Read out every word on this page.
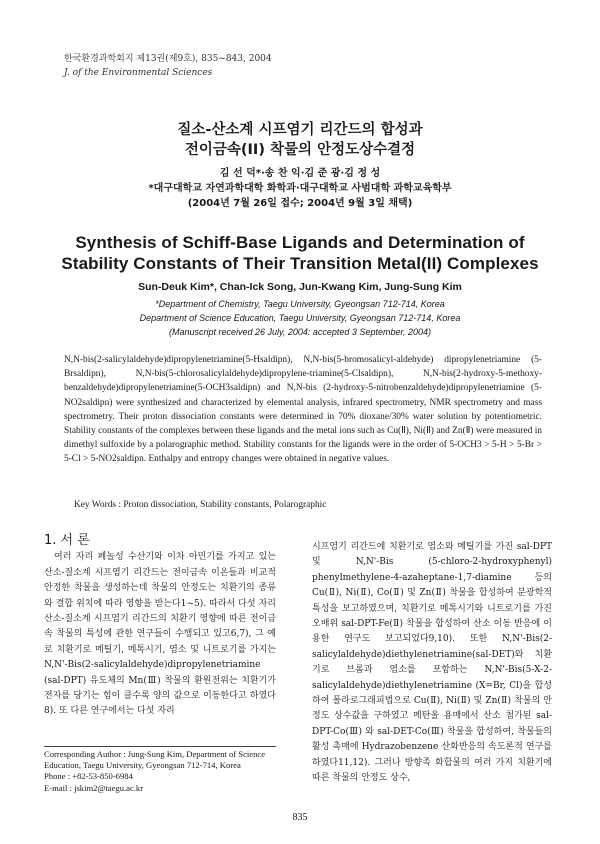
한국환경과학회지 제13권(제9호), 835~843, 2004
J. of the Environmental Sciences
질소-산소계 시프염기 리간드의 합성과
전이금속(II) 착물의 안정도상수결정
김 선 덕*·송 찬 익·김 준 광·김 정 성
*대구대학교 자연과학대학 화학과·대구대학교 사범대학 과학교육학부
(2004년 7월 26일 접수; 2004년 9월 3일 채택)
Synthesis of Schiff-Base Ligands and Determination of
Stability Constants of Their Transition Metal(II) Complexes
Sun-Deuk Kim*, Chan-Ick Song, Jun-Kwang Kim, Jung-Sung Kim
*Department of Chemistry, Taegu University, Gyeongsan 712-714, Korea
Department of Science Education, Taegu University, Gyeongsan 712-714, Korea
(Manuscript received 26 July, 2004: accepted 3 September, 2004)
N,N-bis(2-salicylaldehyde)dipropylenetriamine(5-Hsaldipn), N,N-bis(5-bromosalicyl-aldehyde) dipropylenetriamine (5-Brsaldipn), N,N-bis(5-chlorosalicylaldehyde)dipropylene-triamine(5-Clsaldipn), N,N-bis(2-hydroxy-5-methoxy-benzaldehyde)dipropylenetriamine(5-OCH3saldipn) and N,N-bis (2-hydroxy-5-nitrobenzaldehyde)dipropylenetriamine (5-NO2saldipn) were synthesized and characterized by elemental analysis, infrared spectrometry, NMR spectrometry and mass spectrometry. Their proton dissociation constants were determined in 70% dioxane/30% water solution by potentiometric. Stability constants of the complexes between these ligands and the metal ions such as Cu(Ⅱ), Ni(Ⅱ) and Zn(Ⅱ) were measured in dimethyl sulfoxide by a polarographic method. Stability constants for the ligands were in the order of 5-OCH3 > 5-H > 5-Br > 5-Cl > 5-NO2saldipn. Enthalpy and entropy changes were obtained in negative values.
Key Words : Proton dissociation, Stability constants, Polarographic
1. 서 론

여러 자리 페놀성 수산기와 이차 아민기를 가지고 있는 산소-질소계 시프염기 리간드는 전이금속 이온들과 비교적 안정한 착물을 생성하는데 착물의 안정도는 치환기의 종류와 결합 위치에 따라 영향을 받는다1~5). 따라서 다섯 자리 산소-질소계 시프염기 리간드의 치환기 영향에 따른 전이금속 착물의 특성에 관한 연구들이 수행되고 있고6,7), 그 예로 치환기로 메틸기, 메톡시기, 염소 및 니트로기를 가지는 N,N'-Bis(2-salicylaldehyde)dipropylenetriamine (sal-DPT) 유도체의 Mn(Ⅲ) 착물의 환원전위는 치환기가 전자를 당기는 힘이 클수록 양의 값으로 이동한다고 하였다8). 또 다른 연구에서는 다섯 자리

시프염기 리간드에 치환기로 염소와 메틸기를 가진 sal-DPT 및 N,N'-Bis (5-chloro-2-hydroxyphenyl) phenylmethylene-4-azaheptane-1,7-diamine 등의 Cu(Ⅱ), Ni(Ⅱ), Co(Ⅱ) 및 Zn(Ⅱ) 착물을 합성하여 분광학적 특성을 보고하였으며, 치환기로 메톡시기와 니트로기를 가진 오배위 sal-DPT-Fe(Ⅱ) 착물을 합성하여 산소 이동 반응에 이용한 연구도 보고되었다9,10). 또한 N,N'-Bis(2-salicylaldehyde)diethylenetriamine(sal-DET)와 치환기로 브롬과 염소를 포함하는 N,N'-Bis(5-X-2-salicylaldehyde)diethylenetriamine (X=Br, Cl)을 합성하여 폴라로그래피법으로 Cu(Ⅱ), Ni(Ⅱ) 및 Zn(Ⅱ) 착물의 안정도 상수값을 구하였고 메탄올 용매에서 산소 첨가된 sal-DPT-Co(Ⅲ) 와 sal-DET-Co(Ⅲ) 착물을 합성하여, 착물들의 활성 촉매에 Hydrazobenzene 산화반응의 속도론적 연구를 하였다11,12). 그러나 방향족 화합물의 여러 가지 치환기에 따른 착물의 안정도 상수,

Corresponding Author : Jung-Sung Kim, Department of Science
Education, Taegu University, Gyeongsan 712-714, Korea
Phone : +82-53-850-6984
E-mail : jskim2@taegu.ac.kr
835
